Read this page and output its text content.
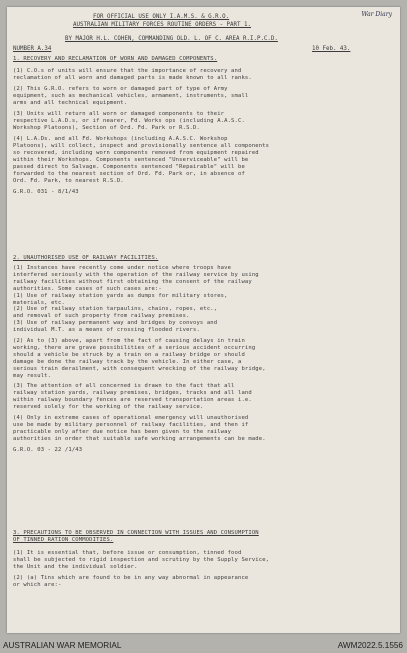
War Diary
FOR OFFICIAL USE ONLY I.A.M.S. & G.R.O.
AUSTRALIAN MILITARY FORCES ROUTINE ORDERS - PART 1.
BY MAJOR H.L. COHEN, COMMANDING OLD. L. OF C. AREA R.I.P.C.D.
NUMBER A.34	10 Feb. 43.
1. RECOVERY AND RECLAMATION OF WORN AND DAMAGED COMPONENTS.
(1) C.O.s of units will ensure that the importance of recovery and
reclamation of all worn and damaged parts is made known to all ranks.
(2) This G.R.O. refers to worn or damaged part of type of Army
equipment, such as mechanical vehicles, armament, instruments, small
arms and all technical equipment.
(3) Units will return all worn or damaged components to their
respective L.A.D.s, or if nearer, Fd. Works ops (including A.A.S.C.
Workshop Platoons), Section of Ord. Fd. Park or R.S.D.
(4) L.A.Ds. and all Fd. Workshops (including A.A.S.C. Workshop
Platoons), will collect, inspect and provisionally sentence all components
so recovered, including worn components removed from equipment repaired
within their Workshops. Components sentenced "Unserviceable" will be
passed direct to Salvage. Components sentenced "Repairable" will be
forwarded to the nearest section of Ord. Fd. Park or, in absence of
Ord. Fd. Park, to nearest R.S.D.
G.R.O. 031 - 8/1/43
2. UNAUTHORISED USE OF RAILWAY FACILITIES.
(1) Instances have recently come under notice where troops have
interfered seriously with the operation of the railway service by using
railway facilities without first obtaining the consent of the railway
authorities. Some cases of such cases are:-
(1) Use of railway station yards as dumps for military stores,
materials, etc.
(2) Use of railway station tarpaulins, chains, ropes, etc.,
and removal of such property from railway premises.
(3) Use of railway permanent way and bridges by convoys and
individual M.T. as a means of crossing flooded rivers.
(2) As to (3) above, apart from the fact of causing delays in train
working, there are grave possibilities of a serious accident occurring
should a vehicle be struck by a train on a railway bridge or should
damage be done the railway track by the vehicle. In either case, a
serious train derailment, with consequent wrecking of the railway bridge,
may result.
(3) The attention of all concerned is drawn to the fact that all
railway station yards, railway premises, bridges, tracks and all land
within railway boundary fences are reserved transportation areas i.e.
reserved solely for the working of the railway service.
(4) Only in extreme cases of operational emergency will unauthorised
use be made by military personnel of railway facilities, and then if
practicable only after due notice has been given to the railway
authorities in order that suitable safe working arrangements can be made.
G.R.O. 03 - 22 /1/43
3. PRECAUTIONS TO BE OBSERVED IN CONNECTION WITH ISSUES AND CONSUMPTION
OF TINNED RATION COMMODITIES.
(1) It is essential that, before issue or consumption, tinned food
shall be subjected to rigid inspection and scrutiny by the Supply Service,
the Unit and the individual soldier.
(2) (a) Tins which are found to be in any way abnormal in appearance
or which are:-
AUSTRALIAN WAR MEMORIAL	AWM2022.5.1556
